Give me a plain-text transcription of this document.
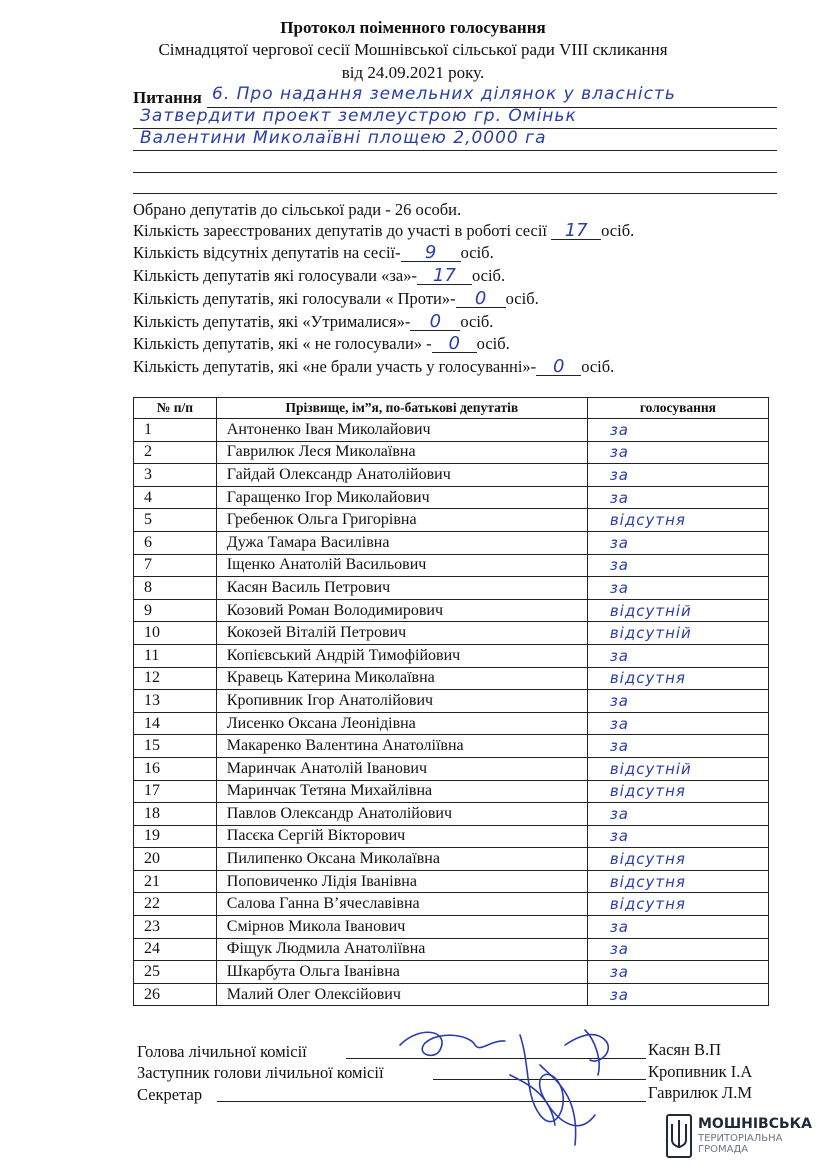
Протокол поіменного голосування
Сімнадцятої чергової сесії Мошнівської сільської ради VIII скликання
від 24.09.2021 року.
Питання 6. Про надання земельних ділянок у власність
Затвердити проект землеустрою гр. Оміньк
Валентини Миколаївні площею 2,0000 га
Обрано депутатів до сільської ради - 26 особи.
Кількість зареєстрованих депутатів до участі в роботі сесії 17 осіб.
Кількість відсутніх депутатів на сесії- 9 осіб.
Кількість депутатів які голосували «за»- 17 осіб.
Кількість депутатів, які голосували « Проти»- 0 осіб.
Кількість депутатів, які «Утрималися»- 0 осіб.
Кількість депутатів, які « не голосували» - 0 осіб.
Кількість депутатів, які «не брали участь у голосуванні»- 0 осіб.
№ п/п	Прізвище, ім”я, по-батькові депутатів	голосування
1	Антоненко Іван Миколайович	за
2	Гаврилюк Леся Миколаївна	за
3	Гайдай Олександр Анатолійович	за
4	Гаращенко Ігор Миколайович	за
5	Гребенюк Ольга Григорівна	відсутня
6	Дужа Тамара Василівна	за
7	Іщенко Анатолій Васильович	за
8	Касян Василь Петрович	за
9	Козовий Роман Володимирович	відсутній
10	Кокозей Віталій Петрович	відсутній
11	Копієвський Андрій Тимофійович	за
12	Кравець Катерина Миколаївна	відсутня
13	Кропивник Ігор Анатолійович	за
14	Лисенко Оксана Леонідівна	за
15	Макаренко Валентина Анатоліївна	за
16	Маринчак Анатолій Іванович	відсутній
17	Маринчак Тетяна Михайлівна	відсутня
18	Павлов Олександр Анатолійович	за
19	Пасєка Сергій Вікторович	за
20	Пилипенко Оксана Миколаївна	відсутня
21	Поповиченко Лідія Іванівна	відсутня
22	Салова Ганна В’ячеславівна	відсутня
23	Смірнов Микола Іванович	за
24	Фіщук Людмила Анатоліївна	за
25	Шкарбута Ольга Іванівна	за
26	Малий Олег Олексійович	за
Голова лічильної комісії	Касян В.П
Заступник голови лічильної комісії	Кропивник І.А
Секретар	Гаврилюк Л.М
МОШНІВСЬКА
ТЕРИТОРІАЛЬНА
ГРОМАДА
